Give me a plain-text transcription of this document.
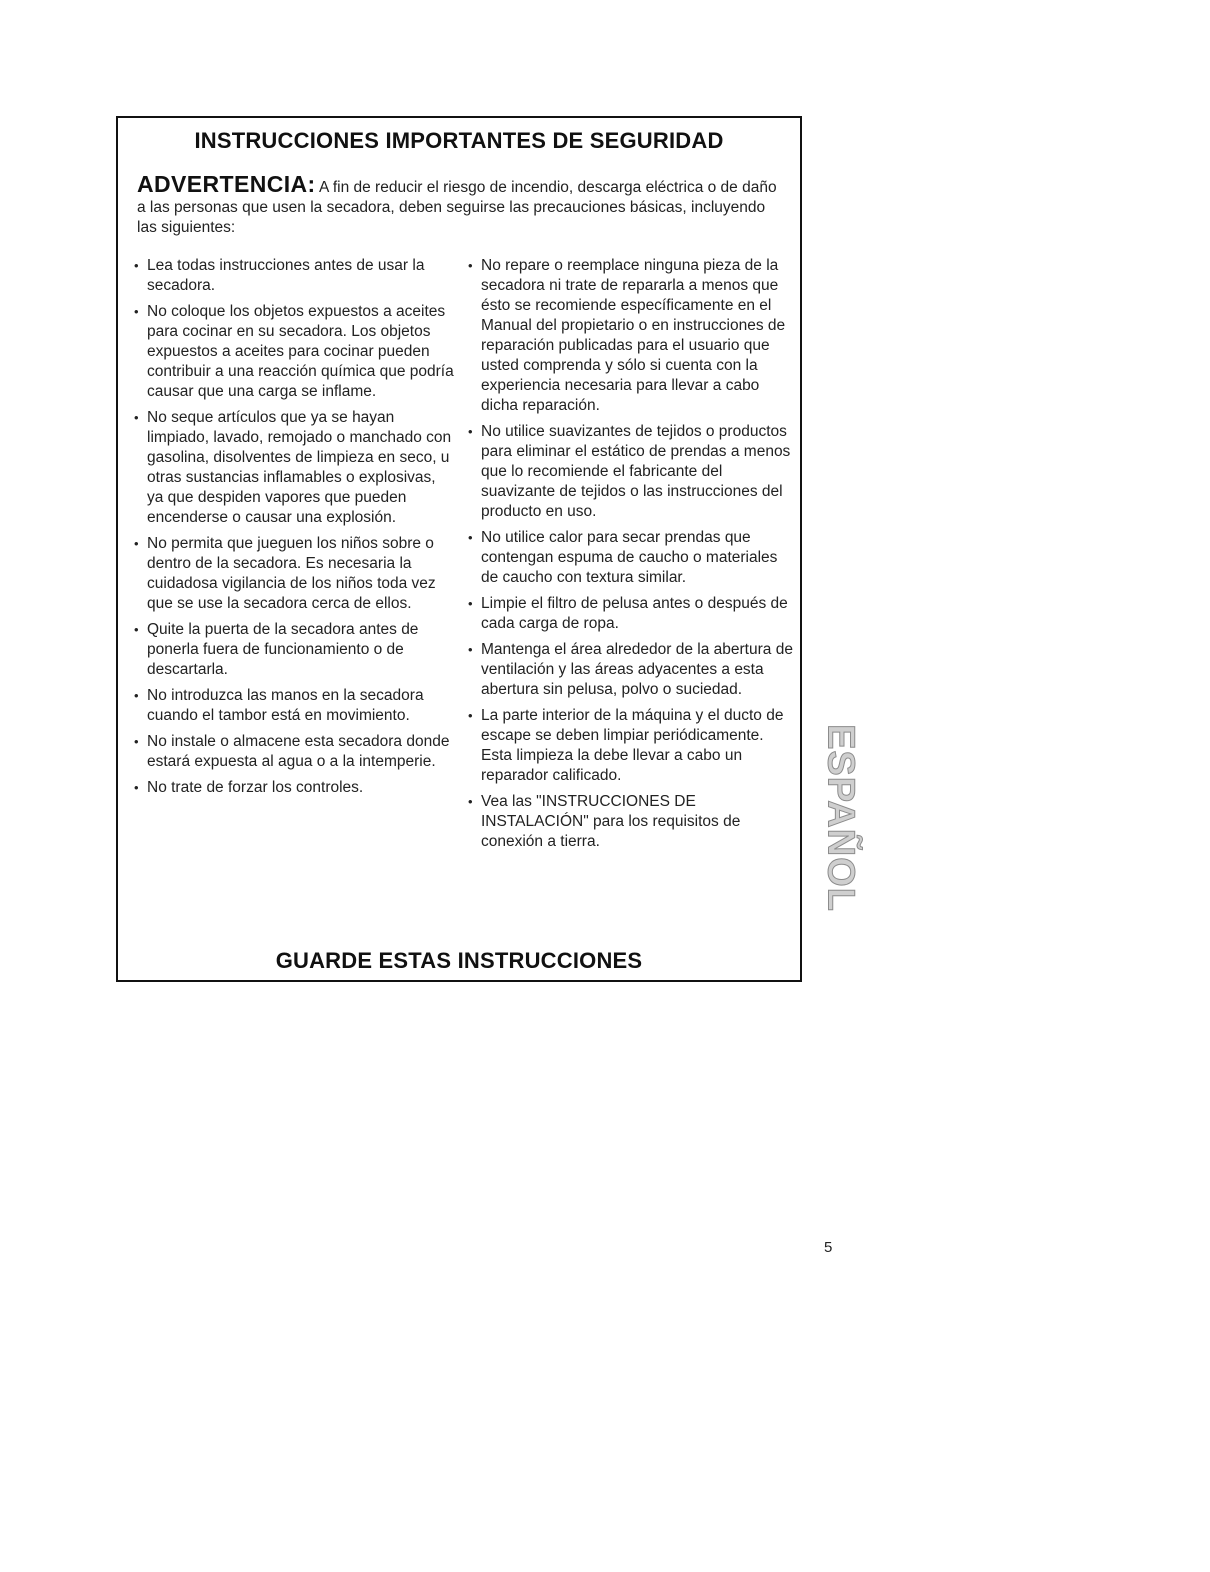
INSTRUCCIONES IMPORTANTES DE SEGURIDAD
ADVERTENCIA: A fin de reducir el riesgo de incendio, descarga eléctrica o de daño a las personas que usen la secadora, deben seguirse las precauciones básicas, incluyendo las siguientes:
• Lea todas instrucciones antes de usar la secadora.
• No coloque los objetos expuestos a aceites para cocinar en su secadora. Los objetos expuestos a aceites para cocinar pueden contribuir a una reacción química que podría causar que una carga se inflame.
• No seque artículos que ya se hayan limpiado, lavado, remojado o manchado con gasolina, disolventes de limpieza en seco, u otras sustancias inflamables o explosivas, ya que despiden vapores que pueden encenderse o causar una explosión.
• No permita que jueguen los niños sobre o dentro de la secadora. Es necesaria la cuidadosa vigilancia de los niños toda vez que se use la secadora cerca de ellos.
• Quite la puerta de la secadora antes de ponerla fuera de funcionamiento o de descartarla.
• No introduzca las manos en la secadora cuando el tambor está en movimiento.
• No instale o almacene esta secadora donde estará expuesta al agua o a la intemperie.
• No trate de forzar los controles.
• No repare o reemplace ninguna pieza de la secadora ni trate de repararla a menos que ésto se recomiende específicamente en el Manual del propietario o en instrucciones de reparación publicadas para el usuario que usted comprenda y sólo si cuenta con la experiencia necesaria para llevar a cabo dicha reparación.
• No utilice suavizantes de tejidos o productos para eliminar el estático de prendas a menos que lo recomiende el fabricante del suavizante de tejidos o las instrucciones del producto en uso.
• No utilice calor para secar prendas que contengan espuma de caucho o materiales de caucho con textura similar.
• Limpie el filtro de pelusa antes o después de cada carga de ropa.
• Mantenga el área alrededor de la abertura de ventilación y las áreas adyacentes a esta abertura sin pelusa, polvo o suciedad.
• La parte interior de la máquina y el ducto de escape se deben limpiar periódicamente. Esta limpieza la debe llevar a cabo un reparador calificado.
• Vea las "INSTRUCCIONES DE INSTALACIÓN" para los requisitos de conexión a tierra.
GUARDE ESTAS INSTRUCCIONES
ESPAÑOL
5
